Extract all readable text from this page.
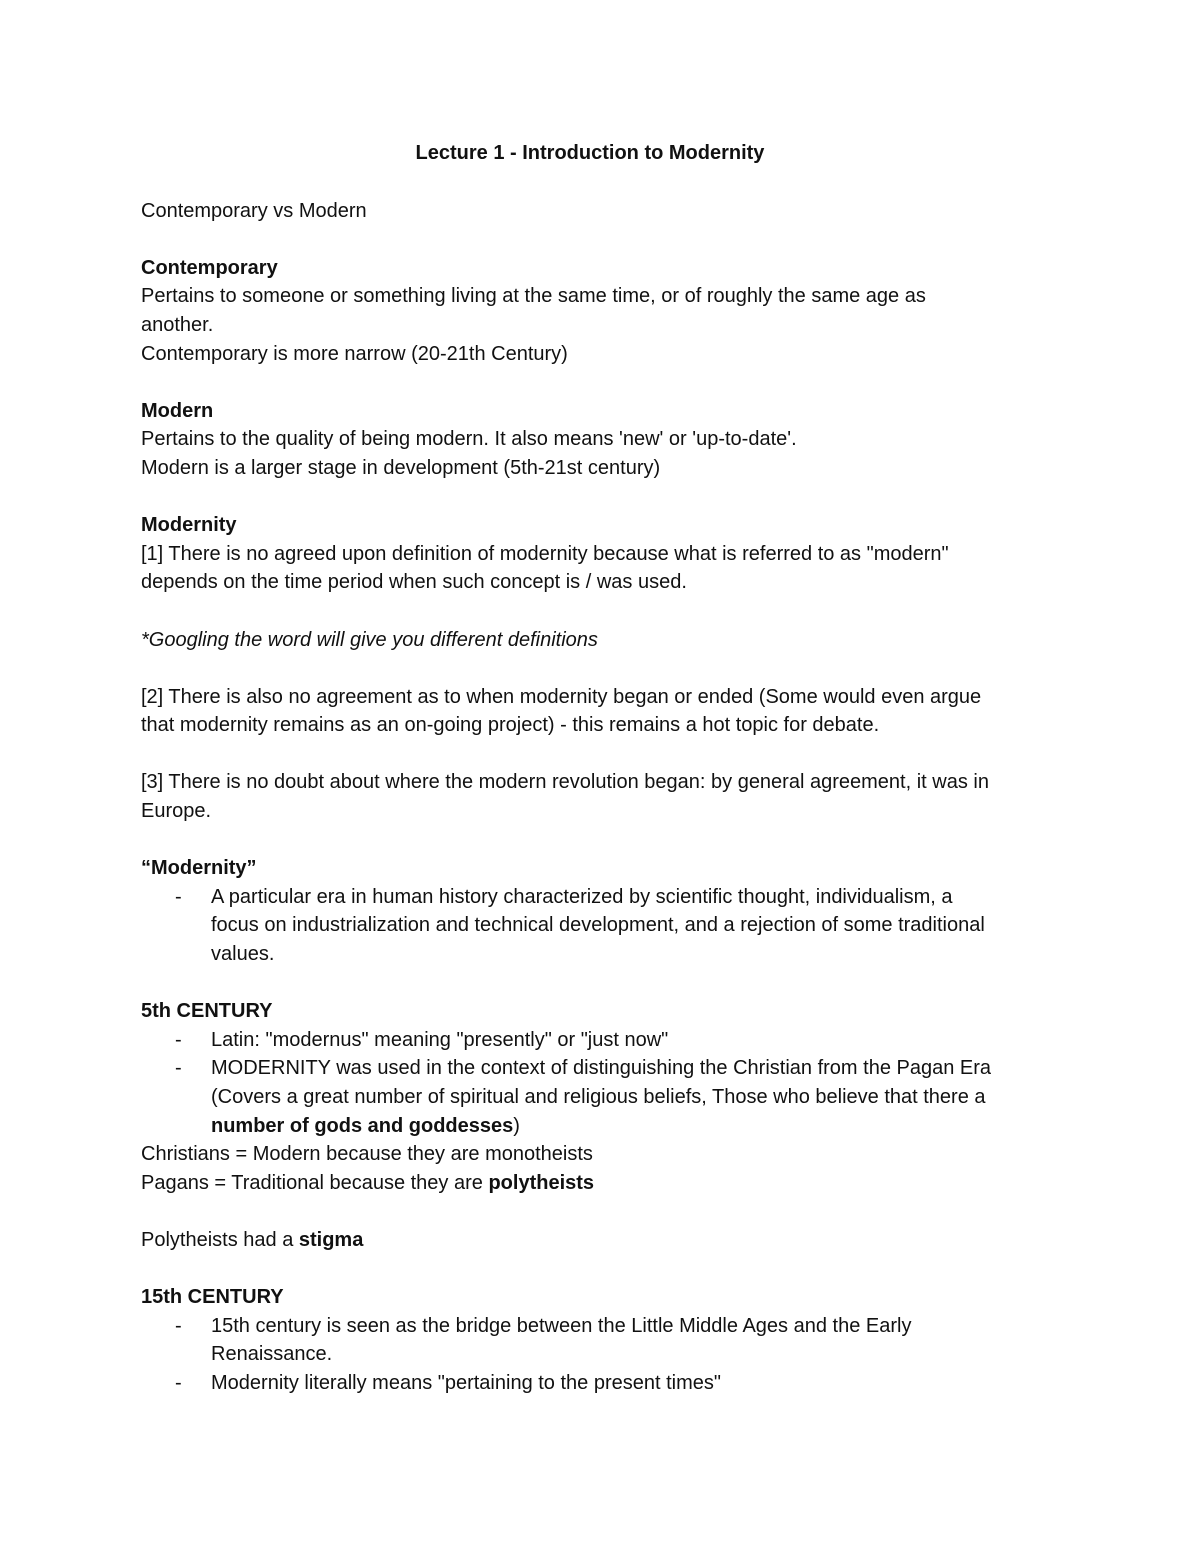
Lecture 1 - Introduction to Modernity

Contemporary vs Modern

Contemporary

Pertains to someone or something living at the same time, or of roughly the same age as

another.

Contemporary is more narrow (20-21th Century)

Modern

Pertains to the quality of being modern. It also means 'new' or 'up-to-date'.

Modern is a larger stage in development (5th-21st century)

Modernity

[1] There is no agreed upon definition of modernity because what is referred to as "modern"

depends on the time period when such concept is / was used.

*Googling the word will give you different definitions

[2] There is also no agreement as to when modernity began or ended (Some would even argue

that modernity remains as an on-going project) - this remains a hot topic for debate.

[3] There is no doubt about where the modern revolution began: by general agreement, it was in

Europe.

“Modernity”

- A particular era in human history characterized by scientific thought, individualism, a

focus on industrialization and technical development, and a rejection of some traditional

values.

5th CENTURY

- Latin: "modernus" meaning "presently" or "just now"

- MODERNITY was used in the context of distinguishing the Christian from the Pagan Era

(Covers a great number of spiritual and religious beliefs, Those who believe that there a

number of gods and goddesses)

Christians = Modern because they are monotheists

Pagans = Traditional because they are polytheists

Polytheists had a stigma

15th CENTURY

- 15th century is seen as the bridge between the Little Middle Ages and the Early

Renaissance.

- Modernity literally means "pertaining to the present times"
